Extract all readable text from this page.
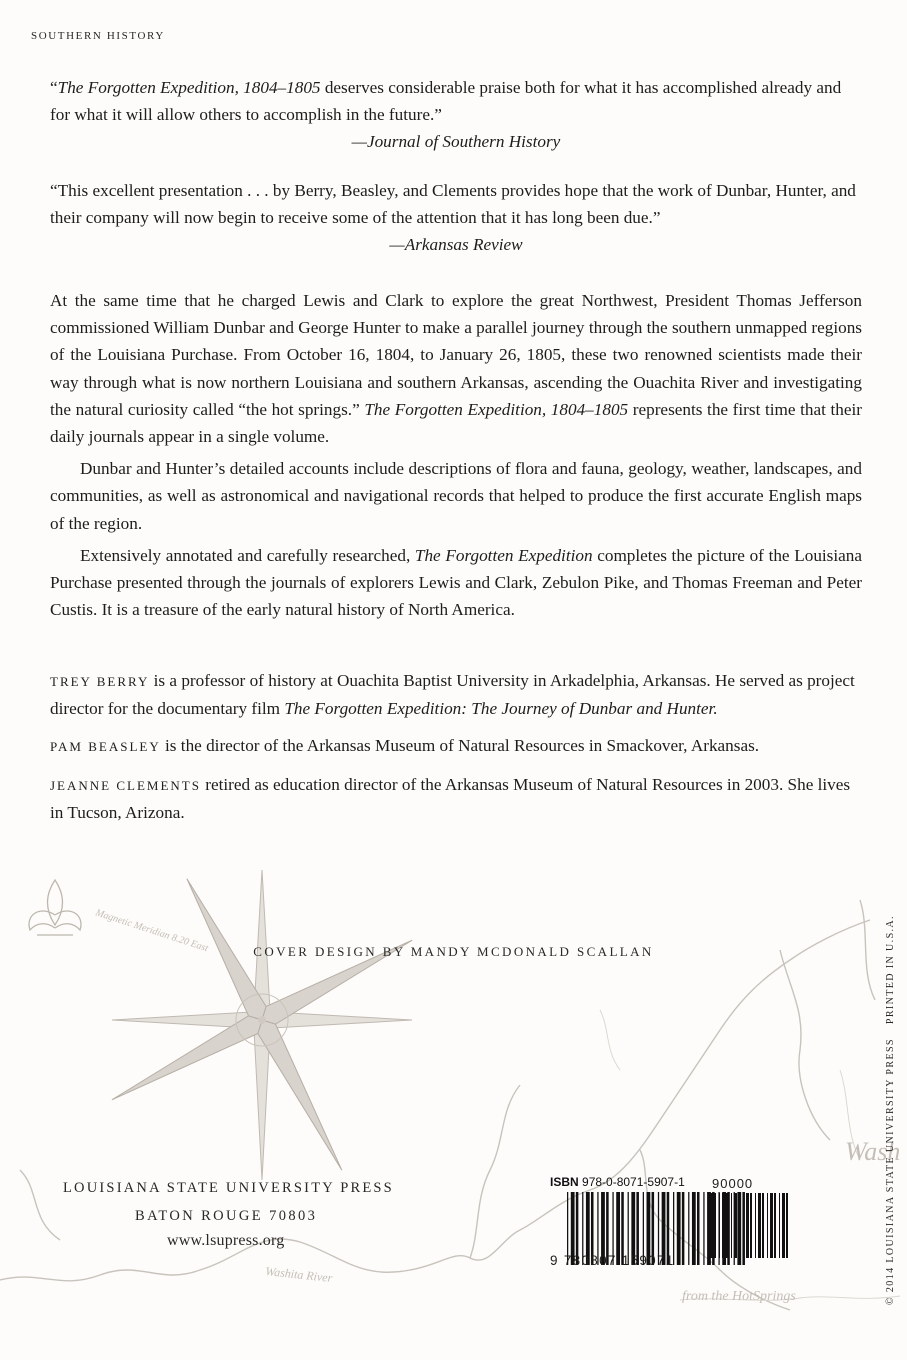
SOUTHERN HISTORY
“The Forgotten Expedition, 1804–1805 deserves considerable praise both for what it has accomplished already and for what it will allow others to accomplish in the future.”
—Journal of Southern History
“This excellent presentation . . . by Berry, Beasley, and Clements provides hope that the work of Dunbar, Hunter, and their company will now begin to receive some of the attention that it has long been due.”
—Arkansas Review

At the same time that he charged Lewis and Clark to explore the great Northwest, President Thomas Jefferson commissioned William Dunbar and George Hunter to make a parallel journey through the southern unmapped regions of the Louisiana Purchase. From October 16, 1804, to January 26, 1805, these two renowned scientists made their way through what is now northern Louisiana and southern Arkansas, ascending the Ouachita River and investigating the natural curiosity called “the hot springs.” The Forgotten Expedition, 1804–1805 represents the first time that their daily journals appear in a single volume.

Dunbar and Hunter’s detailed accounts include descriptions of flora and fauna, geology, weather, landscapes, and communities, as well as astronomical and navigational records that helped to produce the first accurate English maps of the region.

Extensively annotated and carefully researched, The Forgotten Expedition completes the picture of the Louisiana Purchase presented through the journals of explorers Lewis and Clark, Zebulon Pike, and Thomas Freeman and Peter Custis. It is a treasure of the early natural history of North America.

TREY BERRY is a professor of history at Ouachita Baptist University in Arkadelphia, Arkansas. He served as project director for the documentary film The Forgotten Expedition: The Journey of Dunbar and Hunter.

PAM BEASLEY is the director of the Arkansas Museum of Natural Resources in Smackover, Arkansas.

JEANNE CLEMENTS retired as education director of the Arkansas Museum of Natural Resources in 2003. She lives in Tucson, Arizona.

Magnetic Meridian 8.20 East
Washita River
from the HotSprings
Wash
COVER DESIGN BY MANDY MCDONALD SCALLAN
LOUISIANA STATE UNIVERSITY PRESS
BATON ROUGE 70803
www.lsupress.org
ISBN 978-0-8071-5907-1 90000
9 780807 159071	© 2014 LOUISIANA STATE UNIVERSITY PRESSPRINTED IN U.S.A.
